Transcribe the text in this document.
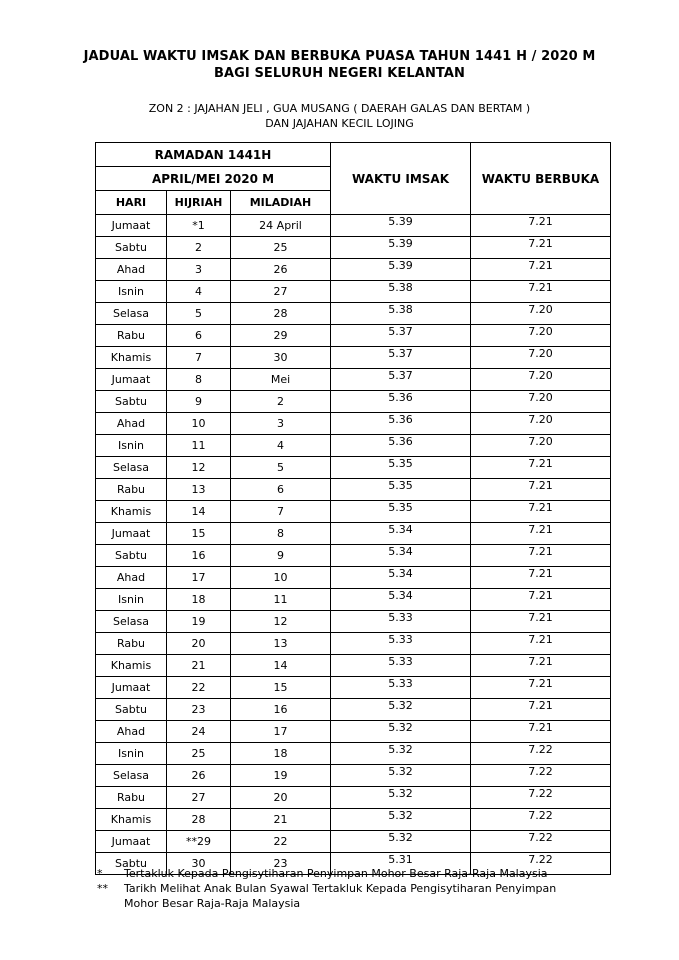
JADUAL WAKTU IMSAK DAN BERBUKA PUASA TAHUN 1441 H / 2020 M
BAGI SELURUH NEGERI KELANTAN
ZON 2 : JAJAHAN JELI , GUA MUSANG ( DAERAH GALAS DAN BERTAM )
DAN JAJAHAN KECIL LOJING
RAMADAN 1441H			WAKTU IMSAK	WAKTU BERBUKA
APRIL/MEI 2020 M				
HARI	HIJRIAH	MILADIAH		
Jumaat	*1	24 April	5.39	7.21
Sabtu	2	25	5.39	7.21
Ahad	3	26	5.39	7.21
Isnin	4	27	5.38	7.21
Selasa	5	28	5.38	7.20
Rabu	6	29	5.37	7.20
Khamis	7	30	5.37	7.20
Jumaat	8	Mei	5.37	7.20
Sabtu	9	2	5.36	7.20
Ahad	10	3	5.36	7.20
Isnin	11	4	5.36	7.20
Selasa	12	5	5.35	7.21
Rabu	13	6	5.35	7.21
Khamis	14	7	5.35	7.21
Jumaat	15	8	5.34	7.21
Sabtu	16	9	5.34	7.21
Ahad	17	10	5.34	7.21
Isnin	18	11	5.34	7.21
Selasa	19	12	5.33	7.21
Rabu	20	13	5.33	7.21
Khamis	21	14	5.33	7.21
Jumaat	22	15	5.33	7.21
Sabtu	23	16	5.32	7.21
Ahad	24	17	5.32	7.21
Isnin	25	18	5.32	7.22
Selasa	26	19	5.32	7.22
Rabu	27	20	5.32	7.22
Khamis	28	21	5.32	7.22
Jumaat	**29	22	5.32	7.22
Sabtu	30	23	5.31	7.22
*	Tertakluk Kepada Pengisytiharan Penyimpan Mohor Besar Raja-Raja Malaysia
**	Tarikh Melihat Anak Bulan Syawal Tertakluk Kepada Pengisytiharan Penyimpan Mohor Besar Raja-Raja Malaysia
